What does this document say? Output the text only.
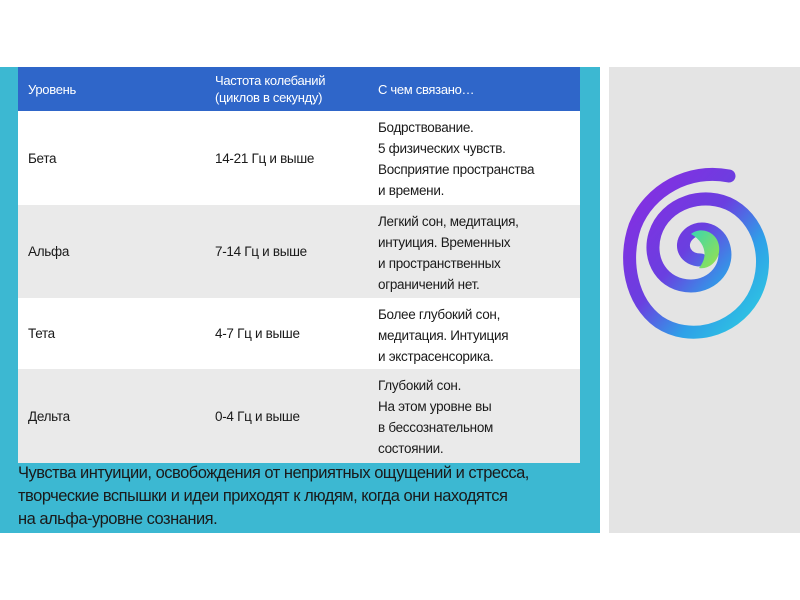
Уровень	Частота колебаний (циклов в секунду)	С чем связано…
Бета	14-21 Гц и выше	Бодрствование.
5 физических чувств.
Восприятие пространства
и времени.
Альфа	7-14 Гц и выше	Легкий сон, медитация,
интуиция. Временных
и пространственных
ограничений нет.
Тета	4-7 Гц и выше	Более глубокий сон,
медитация. Интуиция
и экстрасенсорика.
Дельта	0-4 Гц и выше	Глубокий сон.
На этом уровне вы
в бессознательном
состоянии.
Чувства интуиции, освобождения от неприятных ощущений и стресса,
творческие вспышки и идеи приходят к людям, когда они находятся
на альфа-уровне сознания.
